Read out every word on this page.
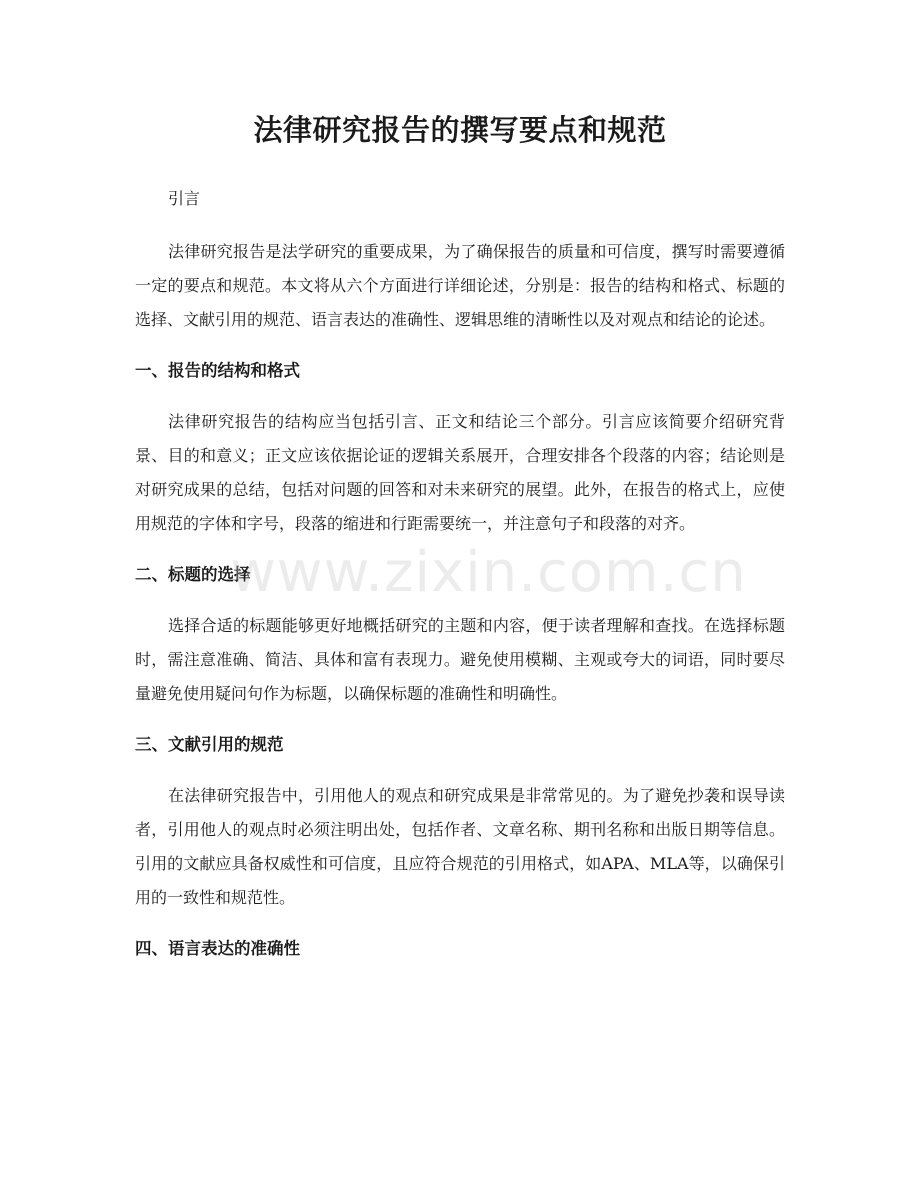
法律研究报告的撰写要点和规范

引言

法律研究报告是法学研究的重要成果，为了确保报告的质量和可信度，撰写时需要遵循一定的要点和规范。本文将从六个方面进行详细论述，分别是：报告的结构和格式、标题的选择、文献引用的规范、语言表达的准确性、逻辑思维的清晰性以及对观点和结论的论述。

一、报告的结构和格式

法律研究报告的结构应当包括引言、正文和结论三个部分。引言应该简要介绍研究背景、目的和意义；正文应该依据论证的逻辑关系展开，合理安排各个段落的内容；结论则是对研究成果的总结，包括对问题的回答和对未来研究的展望。此外，在报告的格式上，应使用规范的字体和字号，段落的缩进和行距需要统一，并注意句子和段落的对齐。

二、标题的选择

选择合适的标题能够更好地概括研究的主题和内容，便于读者理解和查找。在选择标题时，需注意准确、简洁、具体和富有表现力。避免使用模糊、主观或夸大的词语，同时要尽量避免使用疑问句作为标题，以确保标题的准确性和明确性。

三、文献引用的规范

在法律研究报告中，引用他人的观点和研究成果是非常常见的。为了避免抄袭和误导读者，引用他人的观点时必须注明出处，包括作者、文章名称、期刊名称和出版日期等信息。引用的文献应具备权威性和可信度，且应符合规范的引用格式，如APA、MLA等，以确保引用的一致性和规范性。

四、语言表达的准确性
www.zixin.com.cn
